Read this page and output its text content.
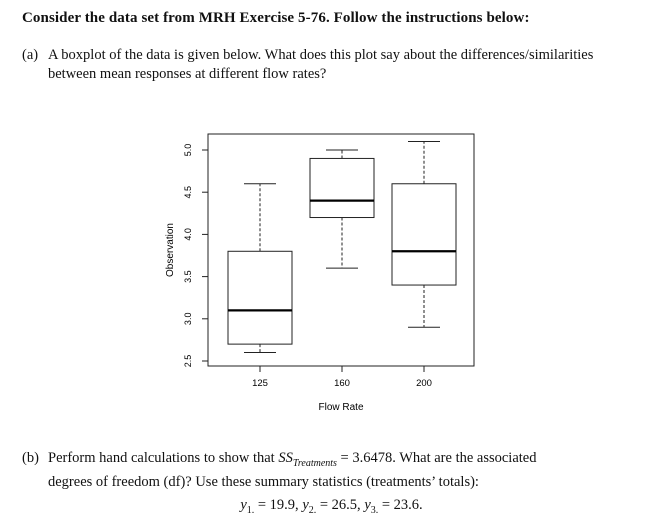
Consider the data set from MRH Exercise 5-76. Follow the instructions below:
(a) A boxplot of the data is given below. What does this plot say about the differences/similarities
between mean responses at different flow rates?
2.5
3.0
3.5
4.0
4.5
5.0
125	160	200
Flow Rate
Observation
(b) Perform hand calculations to show that $SS_{Treatments} = 3.6478$. What are the associated
degrees of freedom (df)? Use these summary statistics (treatments’ totals):
$y_{1.} = 19.9$, $y_{2.} = 26.5$, $y_{3.} = 23.6$.
